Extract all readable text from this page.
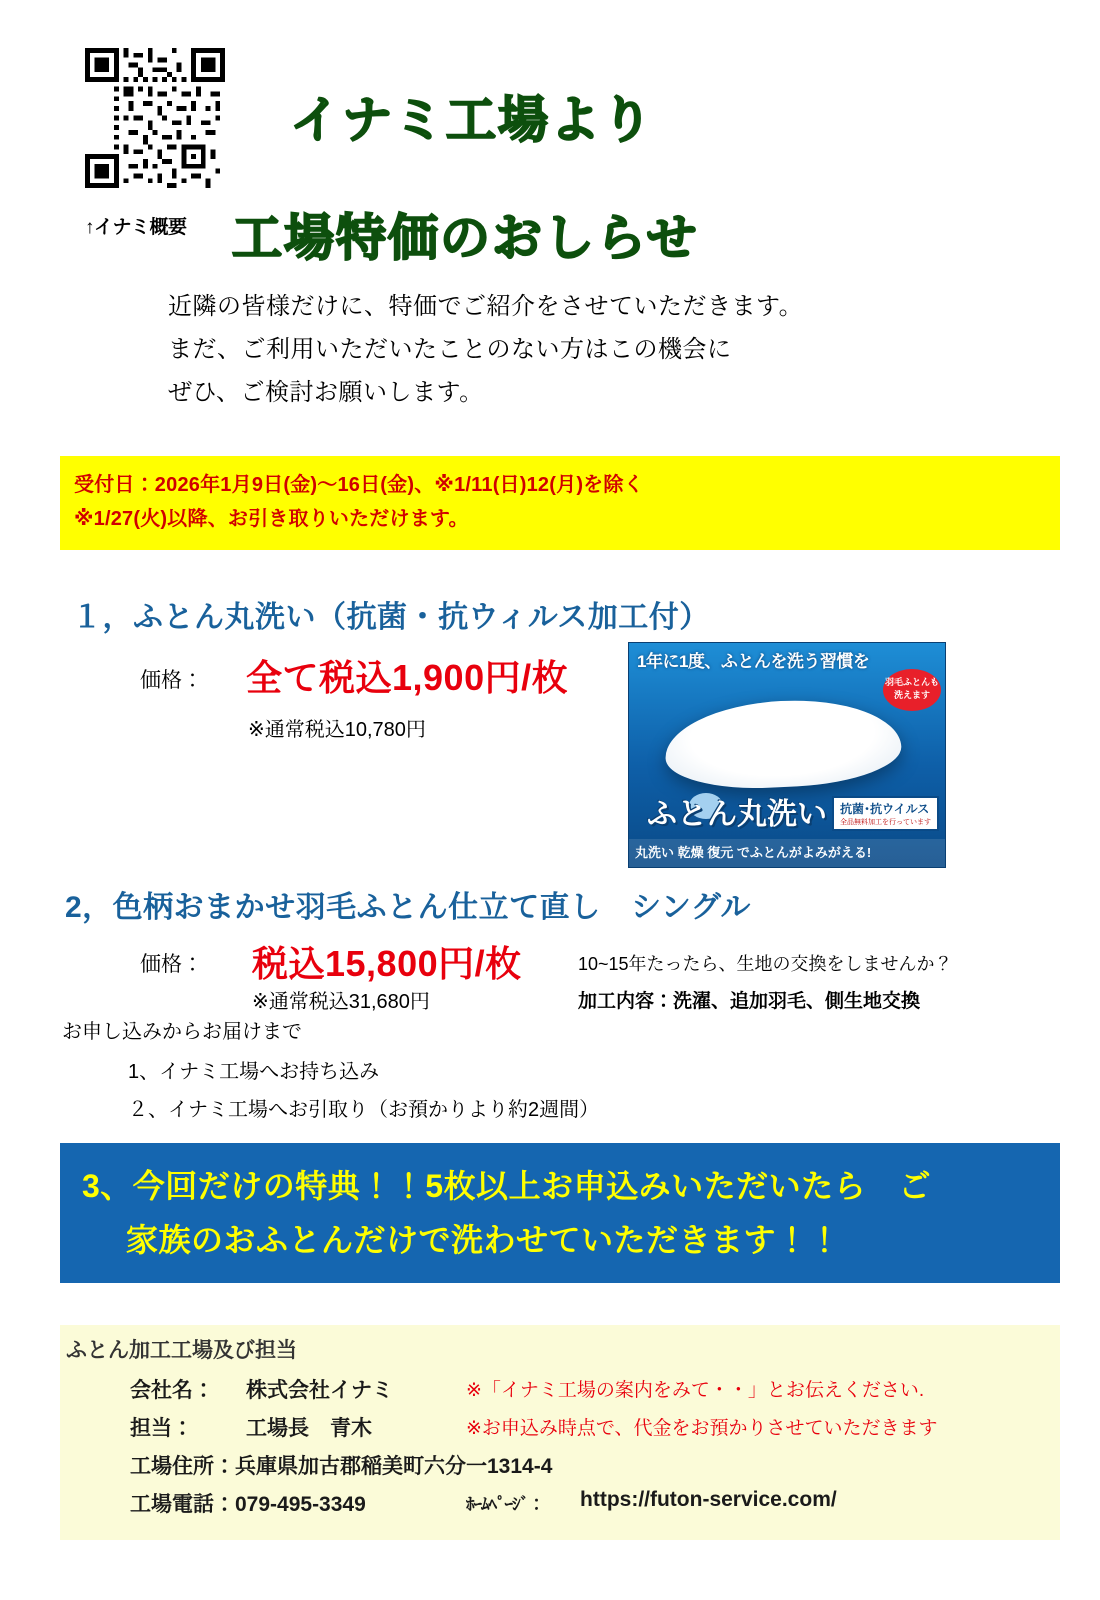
↑イナミ概要
イナミ工場より
工場特価のおしらせ
近隣の皆様だけに、特価でご紹介をさせていただきます。
まだ、ご利用いただいたことのない方はこの機会に
ぜひ、ご検討お願いします。
受付日：2026年1月9日(金)〜16日(金)、※1/11(日)12(月)を除く
※1/27(火)以降、お引き取りいただけます。
１，ふとん丸洗い（抗菌・抗ウィルス加工付）
価格： 全て税込1,900円/枚
※通常税込10,780円
1年に1度、ふとんを洗う習慣を
羽毛ふとんも洗えます
ふとん丸洗い	抗菌･抗ウイルス
全品無料加工を行っています
丸洗い 乾燥 復元 でふとんがよみがえる!
2，色柄おまかせ羽毛ふとん仕立て直し　シングル
価格： 税込15,800円/枚
※通常税込31,680円
10~15年たったら、生地の交換をしませんか？
加工内容：洗濯、追加羽毛、側生地交換
お申し込みからお届けまで
1、イナミ工場へお持ち込み
２、イナミ工場へお引取り（お預かりより約2週間）
3、今回だけの特典！！5枚以上お申込みいただいたら　ご
家族のおふとんだけで洗わせていただきます！！
ふとん加工工場及び担当
会社名： 株式会社イナミ	※「イナミ工場の案内をみて・・」とお伝えください.
担当：	工場長　青木	※お申込み時点で、代金をお預かりさせていただきます
工場住所：兵庫県加古郡稲美町六分一1314-4
工場電話：079-495-3349	ﾎｰﾑﾍﾟｰｼﾞ： https://futon-service.com/
